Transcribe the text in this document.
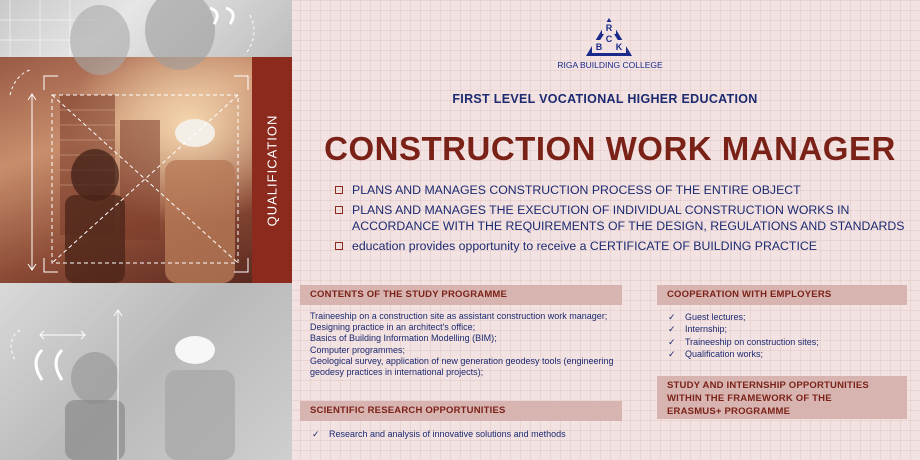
QUALIFICATION
R
C
B K
RIGA BUILDING COLLEGE
FIRST LEVEL VOCATIONAL HIGHER EDUCATION
CONSTRUCTION WORK MANAGER
PLANS AND MANAGES CONSTRUCTION PROCESS OF THE ENTIRE OBJECT
PLANS AND MANAGES THE EXECUTION OF INDIVIDUAL CONSTRUCTION WORKS IN ACCORDANCE WITH THE REQUIREMENTS OF THE DESIGN, REGULATIONS AND STANDARDS
education provides opportunity to receive a CERTIFICATE OF BUILDING PRACTICE
CONTENTS OF THE STUDY PROGRAMME
Traineeship on a construction site as assistant construction work manager;
Designing practice in an architect's office;
Basics of Building Information Modelling (BIM);
Computer programmes;
Geological survey, application of new generation geodesy tools (engineering geodesy practices in international projects);
SCIENTIFIC RESEARCH OPPORTUNITIES
✓ Research and analysis of innovative solutions and methods
COOPERATION WITH EMPLOYERS
✓ Guest lectures;
✓ Internship;
✓ Traineeship on construction sites;
✓ Qualification works;
STUDY AND INTERNSHIP OPPORTUNITIES
WITHIN THE FRAMEWORK OF THE
ERASMUS+ PROGRAMME
